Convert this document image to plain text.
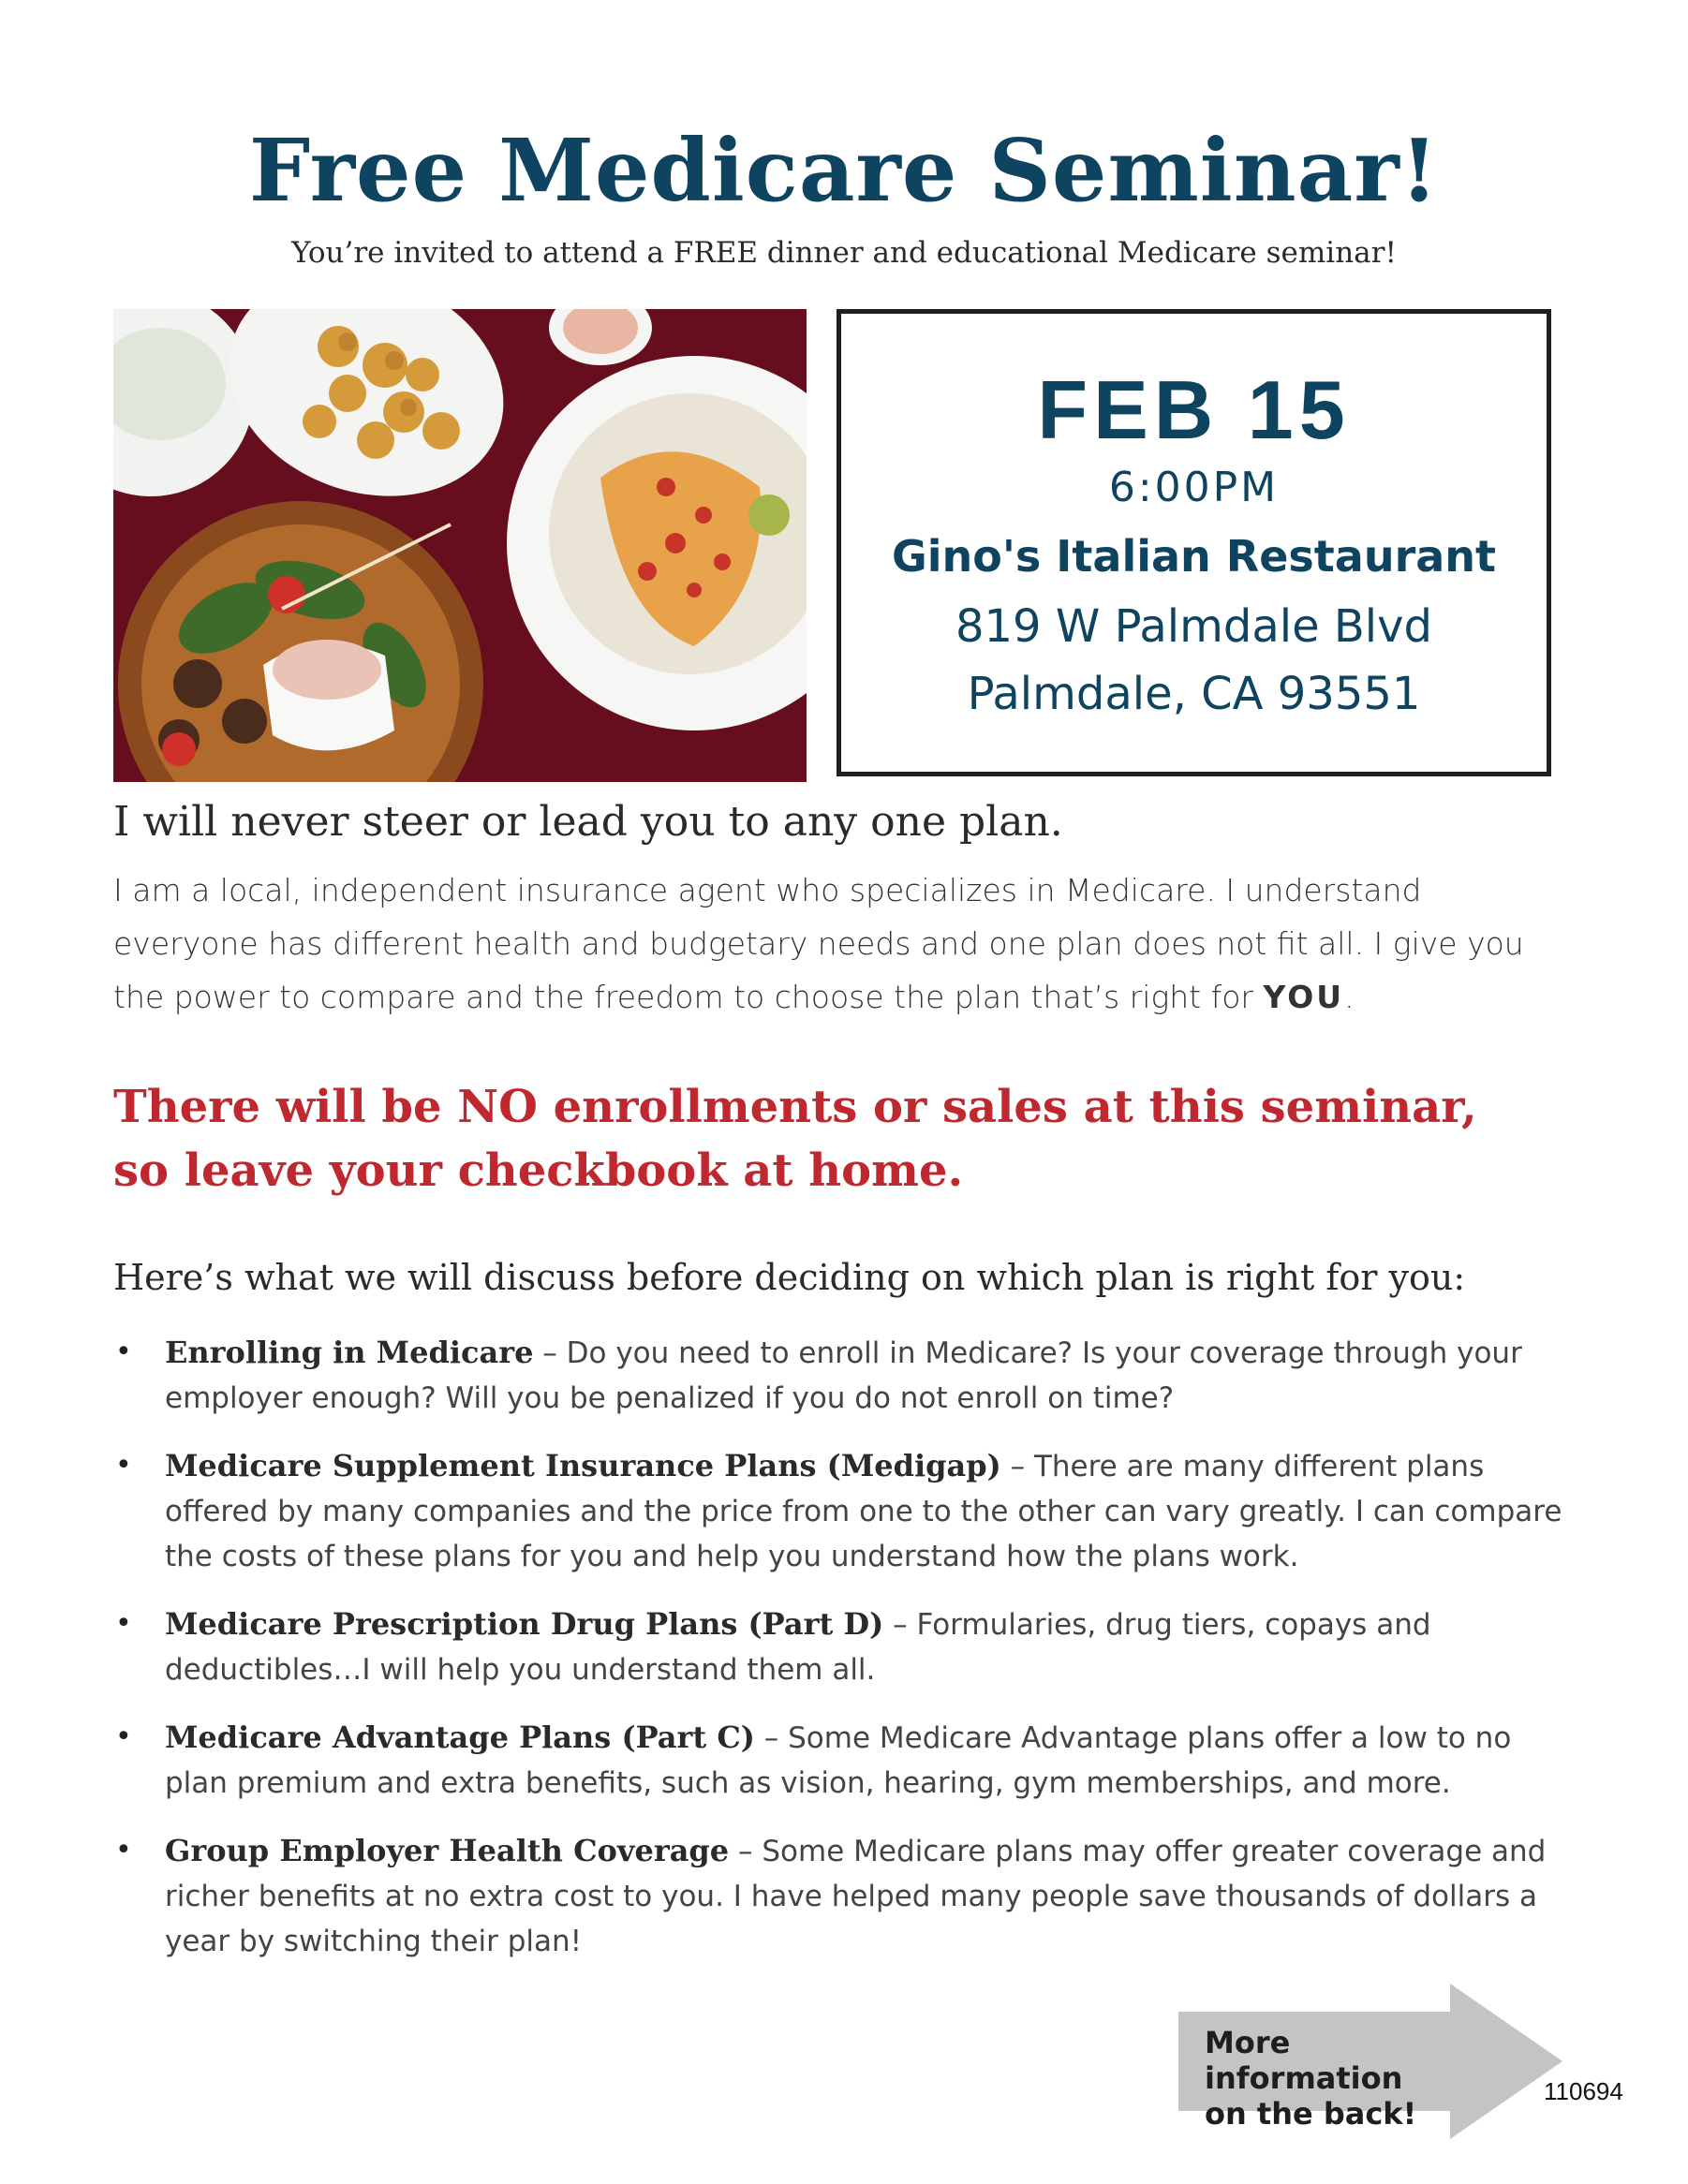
Free Medicare Seminar!
You’re invited to attend a FREE dinner and educational Medicare seminar!
FEB 15
6:00PM
Gino's Italian Restaurant
819 W Palmdale Blvd
Palmdale, CA 93551
I will never steer or lead you to any one plan.
I am a local, independent insurance agent who specializes in Medicare. I understand everyone has different health and budgetary needs and one plan does not fit all. I give you the power to compare and the freedom to choose the plan that’s right for YOU.
There will be NO enrollments or sales at this seminar,
so leave your checkbook at home.
Here’s what we will discuss before deciding on which plan is right for you:
• Enrolling in Medicare – Do you need to enroll in Medicare? Is your coverage through your employer enough? Will you be penalized if you do not enroll on time?
• Medicare Supplement Insurance Plans (Medigap) – There are many different plans offered by many companies and the price from one to the other can vary greatly. I can compare the costs of these plans for you and help you understand how the plans work.
• Medicare Prescription Drug Plans (Part D) – Formularies, drug tiers, copays and deductibles…I will help you understand them all.
• Medicare Advantage Plans (Part C) – Some Medicare Advantage plans offer a low to no plan premium and extra benefits, such as vision, hearing, gym memberships, and more.
• Group Employer Health Coverage – Some Medicare plans may offer greater coverage and richer benefits at no extra cost to you. I have helped many people save thousands of dollars a year by switching their plan!
More information
on the back!
110694
